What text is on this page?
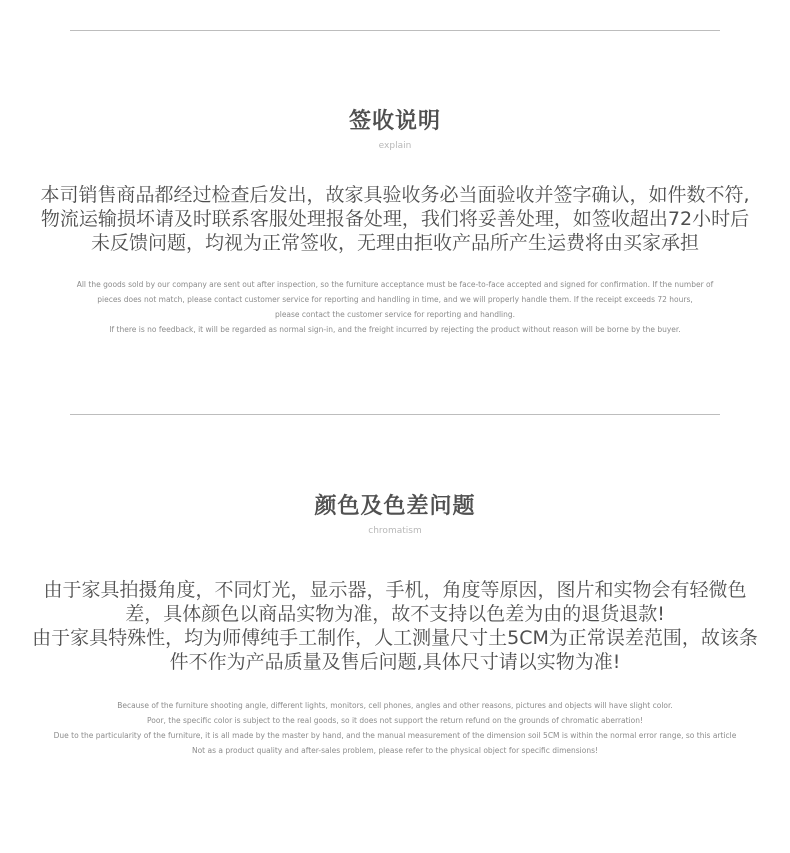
签收说明
explain
本司销售商品都经过检查后发出，故家具验收务必当面验收并签字确认，如件数不符,
物流运输损坏请及时联系客服处理报备处理，我们将妥善处理，如签收超出72小时后
未反馈问题，均视为正常签收，无理由拒收产品所产生运费将由买家承担
All the goods sold by our company are sent out after inspection, so the furniture acceptance must be face-to-face accepted and signed for confirmation. If the number of
pieces does not match, please contact customer service for reporting and handling in time, and we will properly handle them. If the receipt exceeds 72 hours,
please contact the customer service for reporting and handling.
If there is no feedback, it will be regarded as normal sign-in, and the freight incurred by rejecting the product without reason will be borne by the buyer.
颜色及色差问题
chromatism
由于家具拍摄角度，不同灯光，显示器，手机，角度等原因，图片和实物会有轻微色
差，具体颜色以商品实物为准，故不支持以色差为由的退货退款!
由于家具特殊性，均为师傅纯手工制作，人工测量尺寸土5CM为正常误差范围，故该条
件不作为产品质量及售后问题,具体尺寸请以实物为准!
Because of the furniture shooting angle, different lights, monitors, cell phones, angles and other reasons, pictures and objects will have slight color.
Poor, the specific color is subject to the real goods, so it does not support the return refund on the grounds of chromatic aberration!
Due to the particularity of the furniture, it is all made by the master by hand, and the manual measurement of the dimension soil 5CM is within the normal error range, so this article
Not as a product quality and after-sales problem, please refer to the physical object for specific dimensions!
